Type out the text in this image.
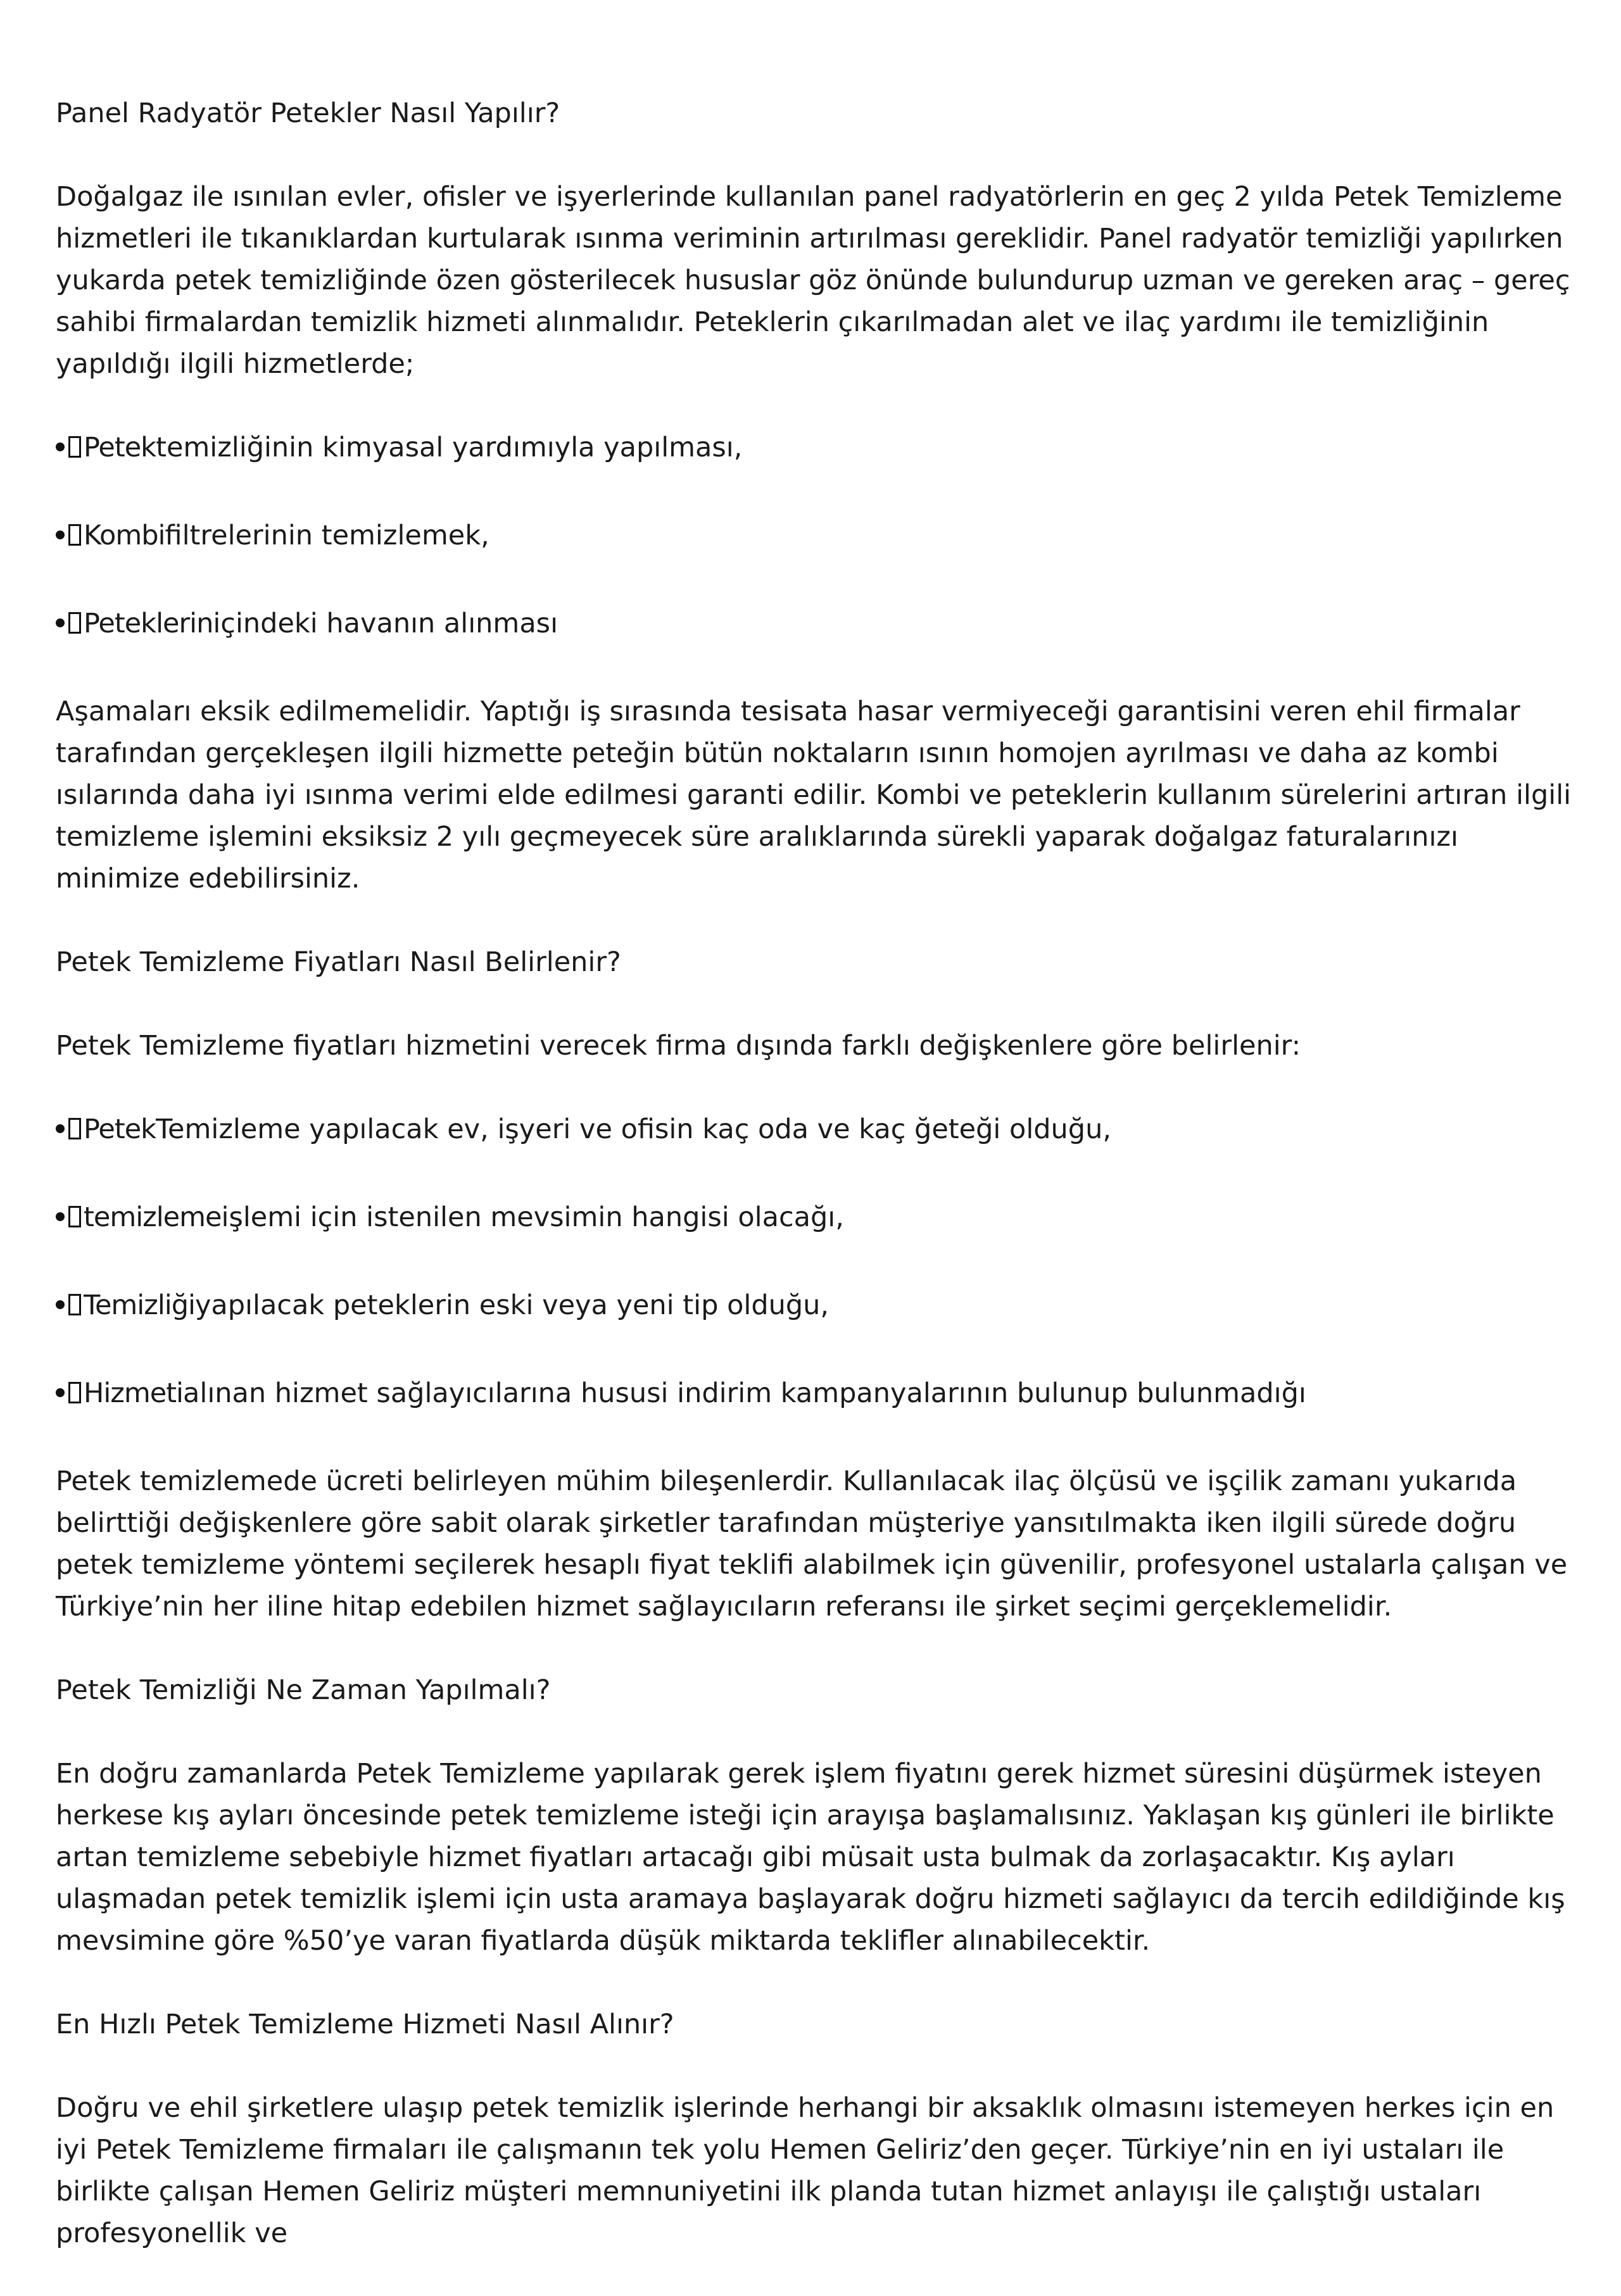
Panel Radyatör Petekler Nasıl Yapılır?

Doğalgaz ile ısınılan evler, ofisler ve işyerlerinde kullanılan panel radyatörlerin en geç 2 yılda Petek Temizleme hizmetleri ile tıkanıklardan kurtularak ısınma veriminin artırılması gereklidir. Panel radyatör temizliği yapılırken yukarda petek temizliğinde özen gösterilecek hususlar göz önünde bulundurup uzman ve gereken araç – gereç sahibi firmalardan temizlik hizmeti alınmalıdır. Peteklerin çıkarılmadan alet ve ilaç yardımı ile temizliğinin yapıldığı ilgili hizmetlerde;

Petektemizliğinin kimyasal yardımıyla yapılması,

Kombifiltrelerinin temizlemek,

Petekleriniçindeki havanın alınması

Aşamaları eksik edilmemelidir. Yaptığı iş sırasında tesisata hasar vermiyeceği garantisini veren ehil firmalar tarafından gerçekleşen ilgili hizmette peteğin bütün noktaların ısının homojen ayrılması ve daha az kombi ısılarında daha iyi ısınma verimi elde edilmesi garanti edilir. Kombi ve peteklerin kullanım sürelerini artıran ilgili temizleme işlemini eksiksiz 2 yılı geçmeyecek süre aralıklarında sürekli yaparak doğalgaz faturalarınızı minimize edebilirsiniz.

Petek Temizleme Fiyatları Nasıl Belirlenir?

Petek Temizleme fiyatları hizmetini verecek firma dışında farklı değişkenlere göre belirlenir:

PetekTemizleme yapılacak ev, işyeri ve ofisin kaç oda ve kaç ğeteği olduğu,

temizlemeişlemi için istenilen mevsimin hangisi olacağı,

Temizliğiyapılacak peteklerin eski veya yeni tip olduğu,

Hizmetialınan hizmet sağlayıcılarına hususi indirim kampanyalarının bulunup bulunmadığı

Petek temizlemede ücreti belirleyen mühim bileşenlerdir. Kullanılacak ilaç ölçüsü ve işçilik zamanı yukarıda belirttiği değişkenlere göre sabit olarak şirketler tarafından müşteriye yansıtılmakta iken ilgili sürede doğru petek temizleme yöntemi seçilerek hesaplı fiyat teklifi alabilmek için güvenilir, profesyonel ustalarla çalışan ve Türkiye’nin her iline hitap edebilen hizmet sağlayıcıların referansı ile şirket seçimi gerçeklemelidir.

Petek Temizliği Ne Zaman Yapılmalı?

En doğru zamanlarda Petek Temizleme yapılarak gerek işlem fiyatını gerek hizmet süresini düşürmek isteyen herkese kış ayları öncesinde petek temizleme isteği için arayışa başlamalısınız. Yaklaşan kış günleri ile birlikte artan temizleme sebebiyle hizmet fiyatları artacağı gibi müsait usta bulmak da zorlaşacaktır. Kış ayları ulaşmadan petek temizlik işlemi için usta aramaya başlayarak doğru hizmeti sağlayıcı da tercih edildiğinde kış mevsimine göre %50’ye varan fiyatlarda düşük miktarda teklifler alınabilecektir.

En Hızlı Petek Temizleme Hizmeti Nasıl Alınır?

Doğru ve ehil şirketlere ulaşıp petek temizlik işlerinde herhangi bir aksaklık olmasını istemeyen herkes için en iyi Petek Temizleme firmaları ile çalışmanın tek yolu Hemen Geliriz’den geçer. Türkiye’nin en iyi ustaları ile birlikte çalışan Hemen Geliriz müşteri memnuniyetini ilk planda tutan hizmet anlayışı ile çalıştığı ustaları profesyonellik ve
